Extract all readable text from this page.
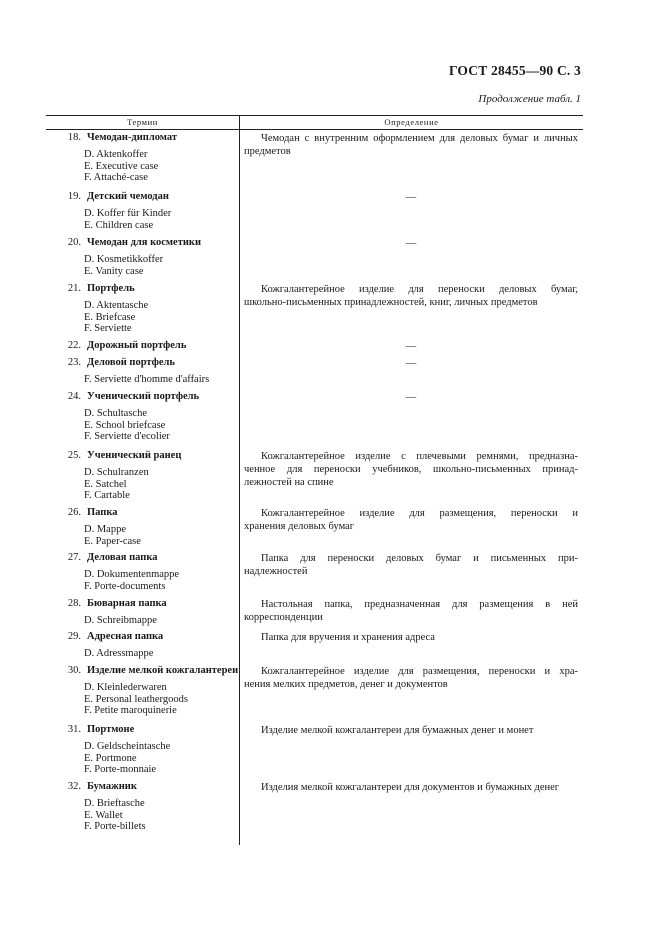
ГОСТ 28455—90 С. 3
Продолжение табл. 1
Термин	Определение
18. Чемодан-дипломат
D. Aktenkoffer
E. Executive case
F. Attaché-case
Чемодан с внутренним оформлением для деловых бумаг и личных
предметов
19. Детский чемодан
D. Koffer für Kinder
E. Children case
—
20. Чемодан для косметики
D. Kosmetikkoffer
E. Vanity case
—
21. Портфель
D. Aktentasche
E. Briefcase
F. Serviette
Кожгалантерейное изделие для переноски деловых бумаг,
школьно-письменных принадлежностей, книг, личных предметов
22. Дорожный портфель	—
23. Деловой портфель
F. Serviette d'homme d'affairs
—
24. Ученический портфель
D. Schultasche
E. School briefcase
F. Serviette d'ecolier
—
25. Ученический ранец
D. Schulranzen
E. Satchel
F. Cartable
Кожгалантерейное изделие с плечевыми ремнями, предназна-
ченное для переноски учебников, школьно-письменных принад-
лежностей на спине
26. Папка
D. Mappe
E. Paper-case
Кожгалантерейное изделие для размещения, переноски и
хранения деловых бумаг
27. Деловая папка
D. Dokumentenmappe
F. Porte-documents
Папка для переноски деловых бумаг и письменных при-
надлежностей
28. Бюварная папка
D. Schreibmappe
Настольная папка, предназначенная для размещения в ней
корреспонденции
29. Адресная папка
D. Adressmappe
Папка для вручения и хранения адреса
30. Изделие мелкой кожгалантереи
D. Kleinlederwaren
E. Personal leathergoods
F. Petite maroquinerie
Кожгалантерейное изделие для размещения, переноски и хра-
нения мелких предметов, денег и документов
31. Портмоне
D. Geldscheintasche
E. Portmone
F. Porte-monnaie
Изделие мелкой кожгалантереи для бумажных денег и монет
32. Бумажник
D. Brieftasche
E. Wallet
F. Porte-billets
Изделия мелкой кожгалантереи для документов и бумажных денег
